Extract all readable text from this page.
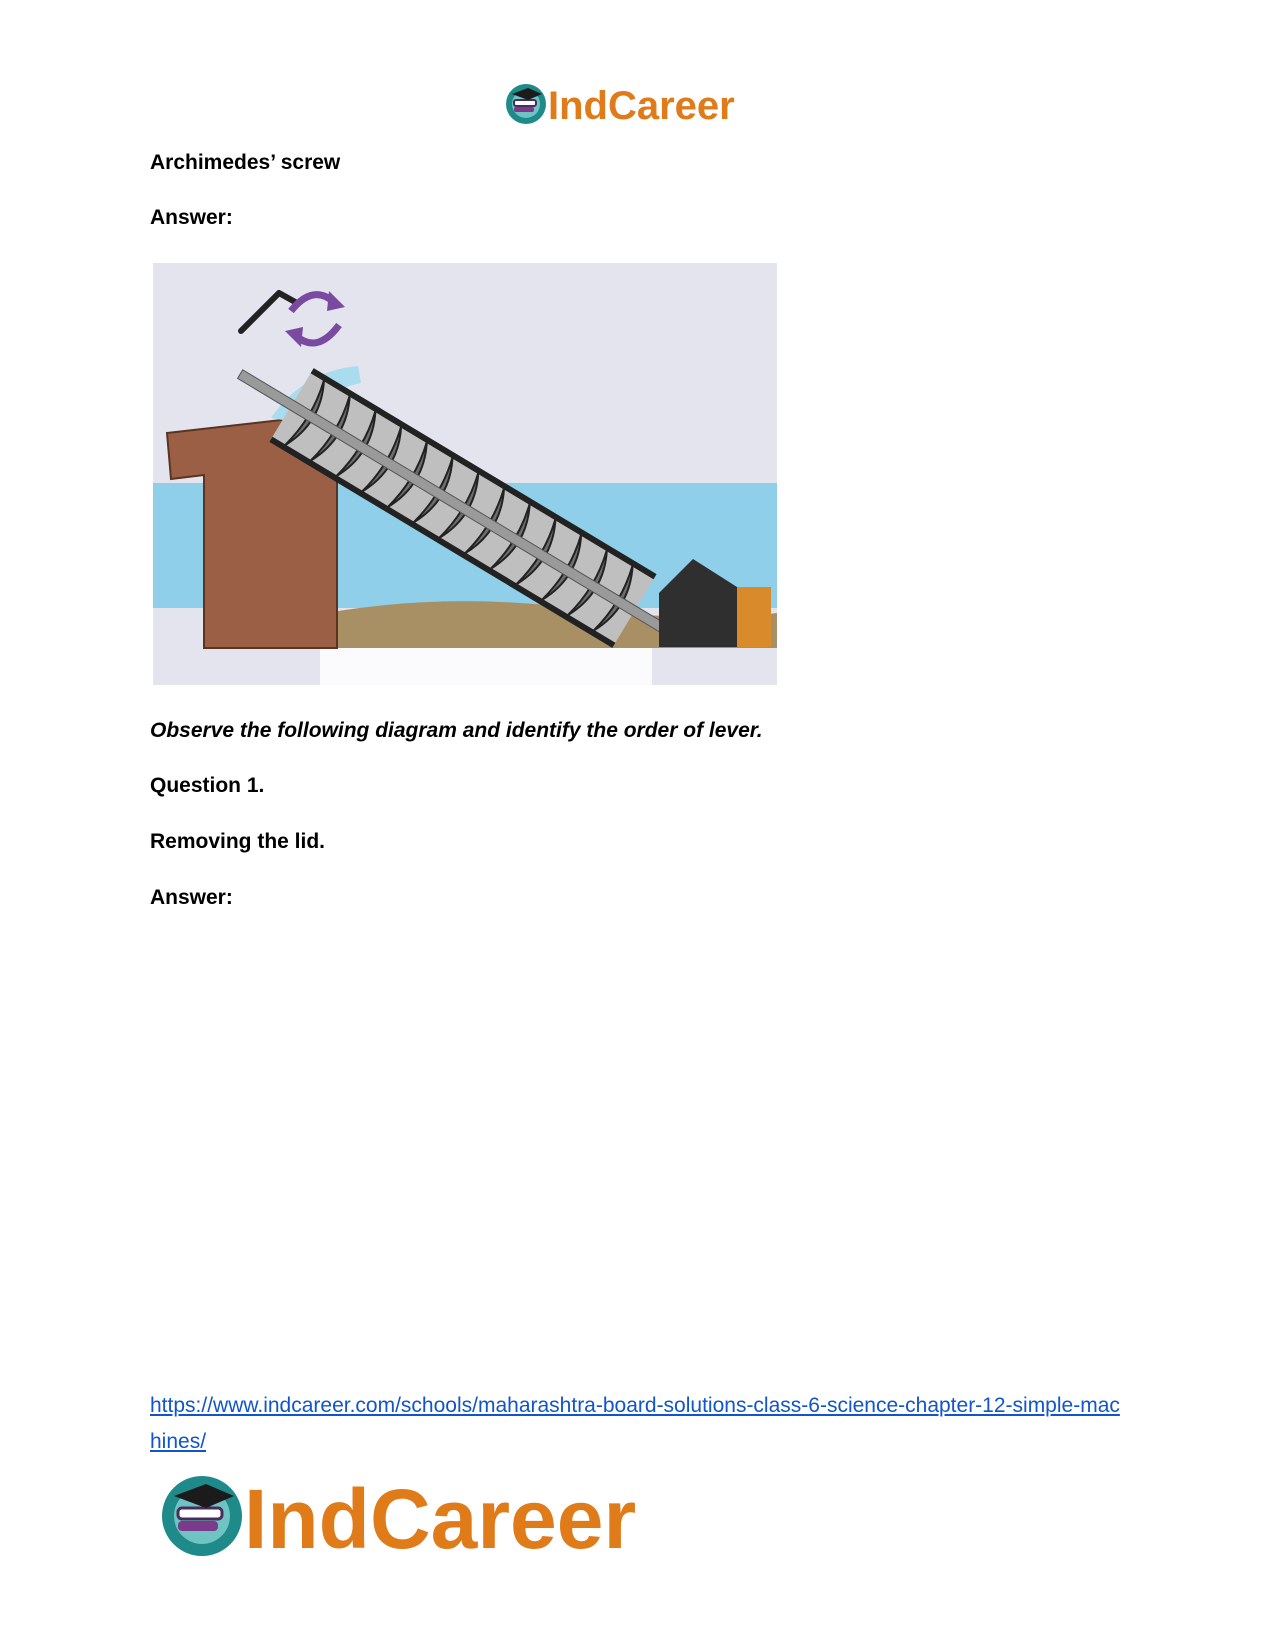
IndCareer

Archimedes’ screw

Answer:

Observe the following diagram and identify the order of lever.

Question 1.

Removing the lid.

Answer:

https://www.indcareer.com/schools/maharashtra-board-solutions-class-6-science-chapter-12-simple-machines/
IndCareer
